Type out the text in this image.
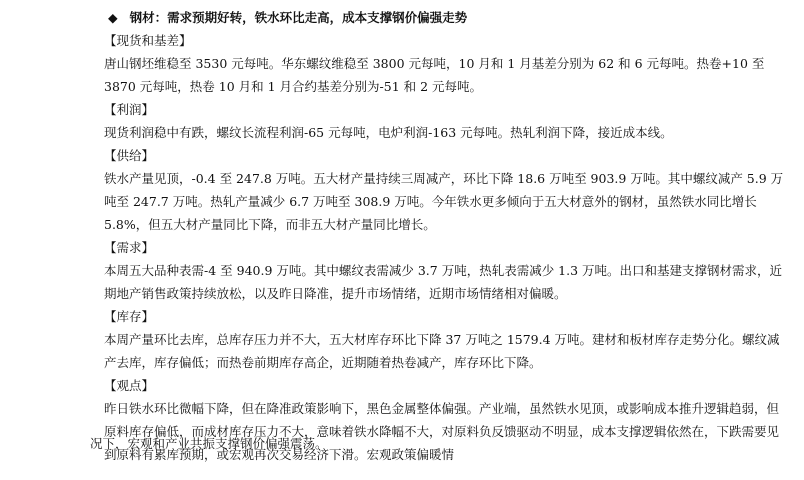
◆ 钢材：需求预期好转，铁水环比走高，成本支撑钢价偏强走势
【现货和基差】
唐山钢坯维稳至 3530 元每吨。华东螺纹维稳至 3800 元每吨，10 月和 1 月基差分别为 62 和 6 元每吨。热卷+10 至 3870 元每吨，热卷 10 月和 1 月合约基差分别为-51 和 2 元每吨。
【利润】
现货利润稳中有跌，螺纹长流程利润-65 元每吨，电炉利润-163 元每吨。热轧利润下降，接近成本线。
【供给】
铁水产量见顶，-0.4 至 247.8 万吨。五大材产量持续三周减产，环比下降 18.6 万吨至 903.9 万吨。其中螺纹减产 5.9 万吨至 247.7 万吨。热轧产量减少 6.7 万吨至 308.9 万吨。今年铁水更多倾向于五大材意外的钢材，虽然铁水同比增长 5.8%，但五大材产量同比下降，而非五大材产量同比增长。
【需求】
本周五大品种表需-4 至 940.9 万吨。其中螺纹表需减少 3.7 万吨，热轧表需减少 1.3 万吨。出口和基建支撑钢材需求，近期地产销售政策持续放松，以及昨日降准，提升市场情绪，近期市场情绪相对偏暖。
【库存】
本周产量环比去库，总库存压力并不大，五大材库存环比下降 37 万吨之 1579.4 万吨。建材和板材库存走势分化。螺纹减产去库，库存偏低；而热卷前期库存高企，近期随着热卷减产，库存环比下降。
【观点】
昨日铁水环比微幅下降，但在降准政策影响下，黑色金属整体偏强。产业端，虽然铁水见顶，或影响成本推升逻辑趋弱，但原料库存偏低，而成材库存压力不大，意味着铁水降幅不大，对原料负反馈驱动不明显，成本支撑逻辑依然在，下跌需要见到原料有累库预期，或宏观再次交易经济下滑。宏观政策偏暖情
况下，宏观和产业共振支撑钢价偏强震荡。
